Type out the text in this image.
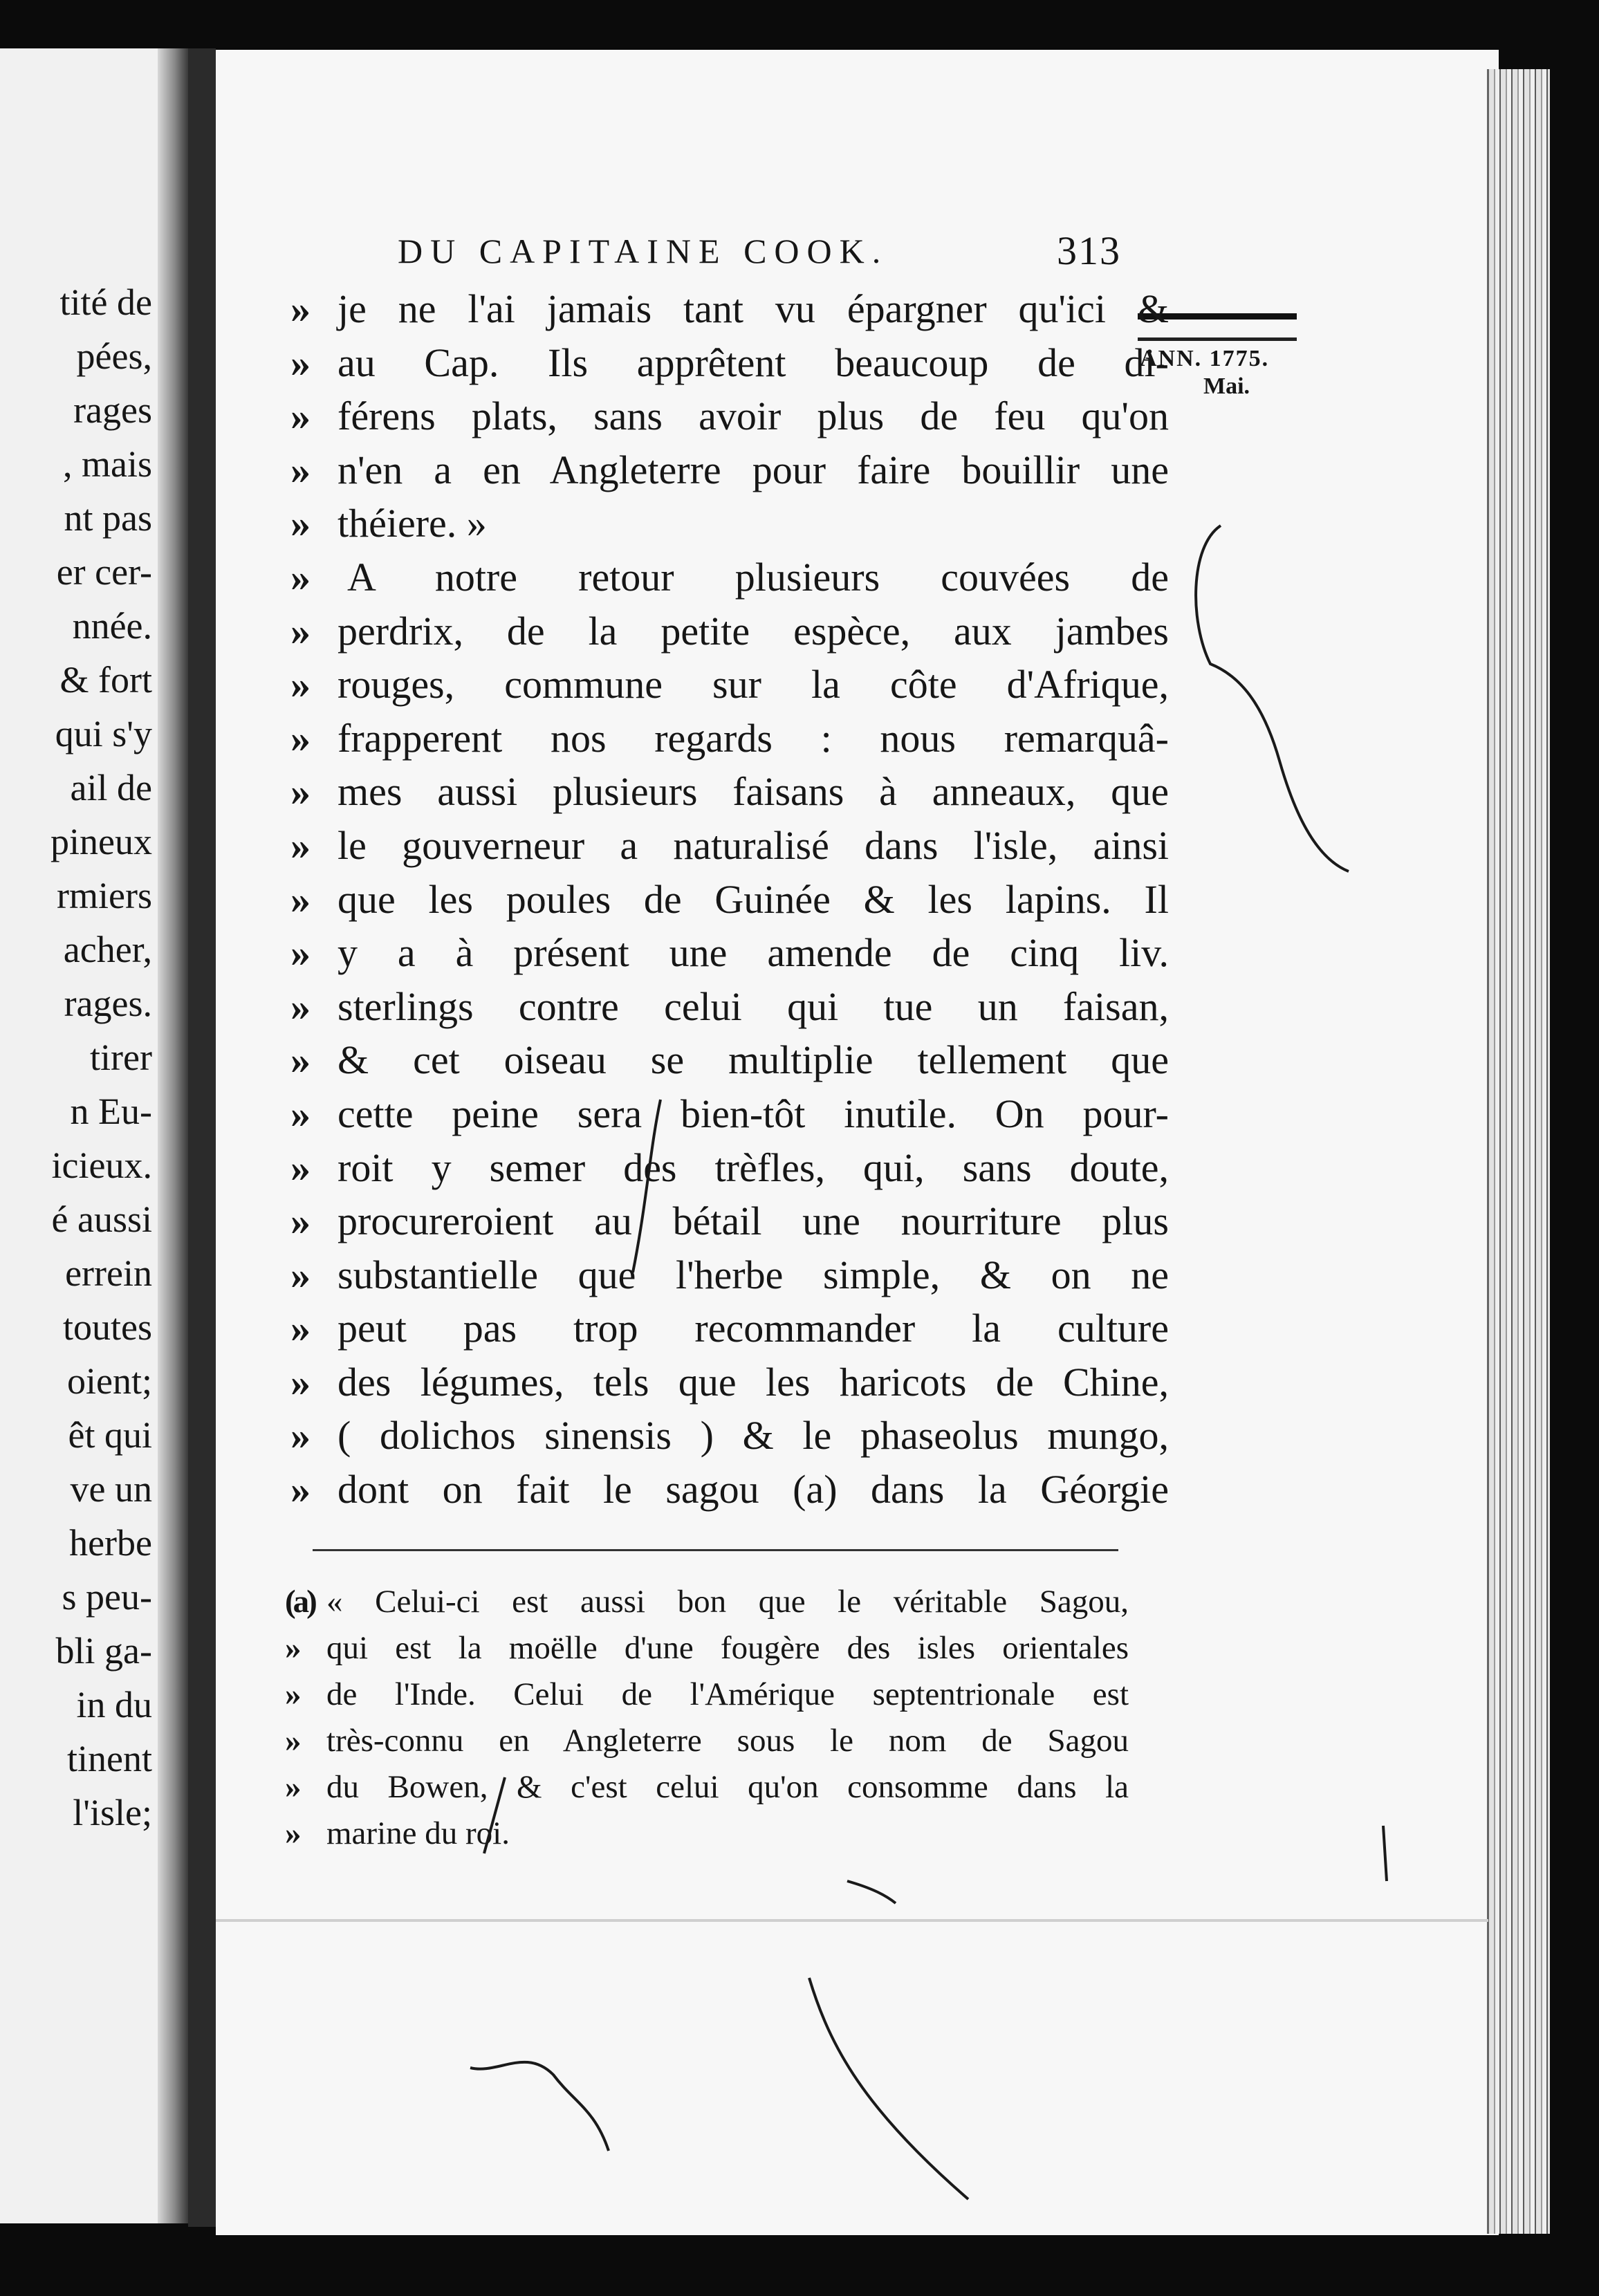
tité de
pées,
rages
, mais
nt pas
er cer-
nnée.
& fort
qui s'y
ail de
pineux
rmiers
acher,
rages.
tirer
n Eu-
icieux.
é aussi
errein
toutes
oient;
êt qui
ve un
herbe
s peu-
bli ga-
in du
tinent
l'isle;
DU CAPITAINE COOK.	313
ANN. 1775.
Mai.
» je ne l'ai jamais tant vu épargner qu'ici &
» au Cap. Ils apprêtent beaucoup de di-
» férens plats, sans avoir plus de feu qu'on
» n'en a en Angleterre pour faire bouillir une
» théiere. »
» A notre retour plusieurs couvées de
» perdrix, de la petite espèce, aux jambes
» rouges, commune sur la côte d'Afrique,
» frapperent nos regards : nous remarquâ-
» mes aussi plusieurs faisans à anneaux, que
» le gouverneur a naturalisé dans l'isle, ainsi
» que les poules de Guinée & les lapins. Il
» y a à présent une amende de cinq liv.
» sterlings contre celui qui tue un faisan,
» & cet oiseau se multiplie tellement que
» cette peine sera bien-tôt inutile. On pour-
» roit y semer des trèfles, qui, sans doute,
» procureroient au bétail une nourriture plus
» substantielle que l'herbe simple, & on ne
» peut pas trop recommander la culture
» des légumes, tels que les haricots de Chine,
» ( dolichos sinensis ) & le phaseolus mungo,
» dont on fait le sagou (a) dans la Géorgie
(a) « Celui-ci est aussi bon que le véritable Sagou,
» qui est la moëlle d'une fougère des isles orientales
» de l'Inde. Celui de l'Amérique septentrionale est
» très-connu en Angleterre sous le nom de Sagou
» du Bowen, & c'est celui qu'on consomme dans la
» marine du roi.
